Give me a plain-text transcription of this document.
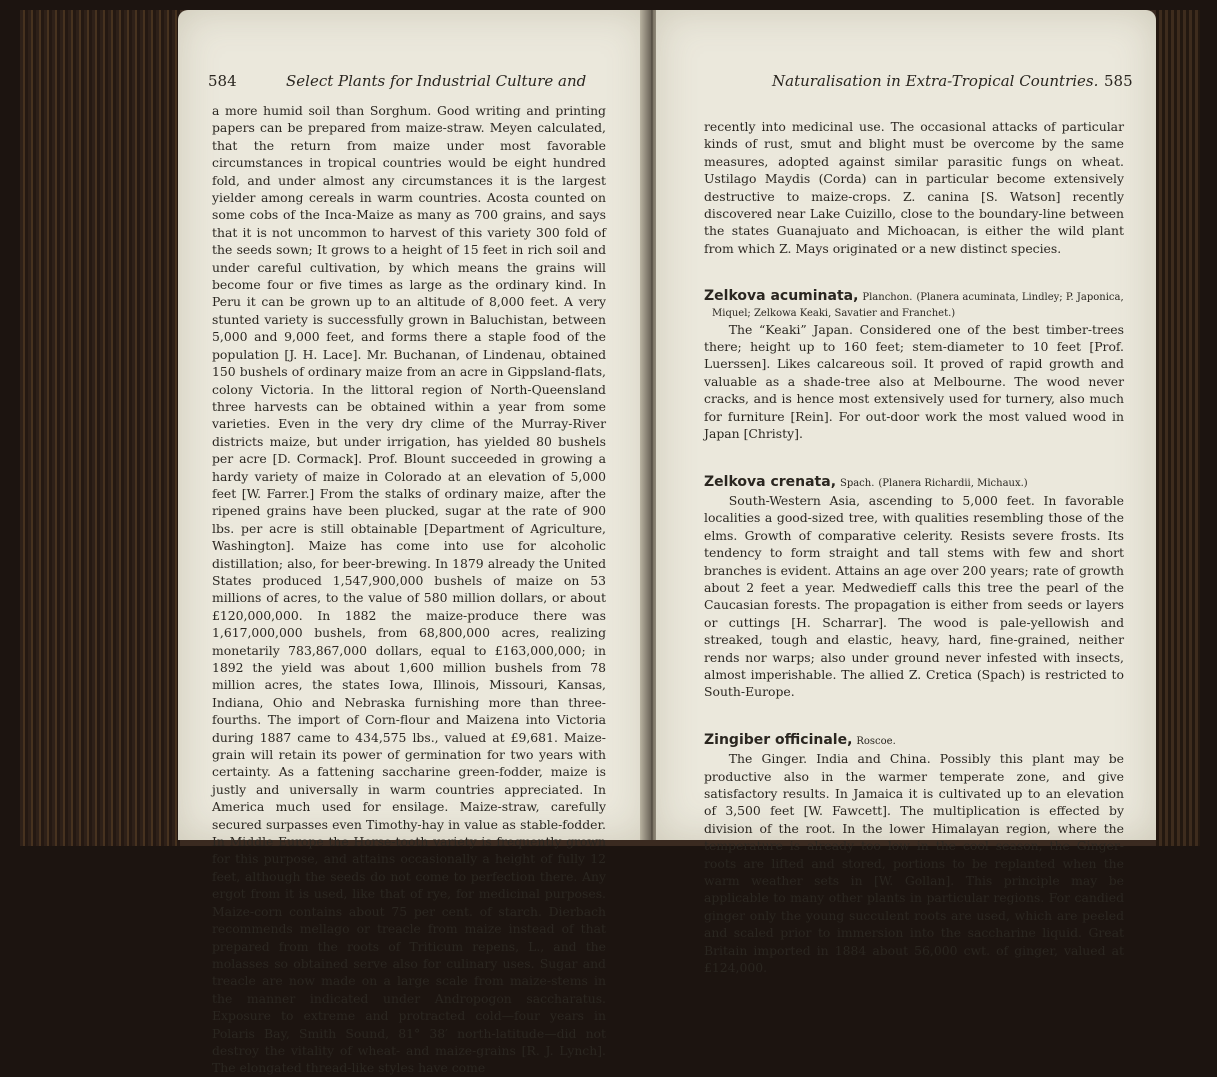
584	Select Plants for Industrial Culture and

a more humid soil than Sorghum. Good writing and printing papers can be prepared from maize-straw. Meyen calculated, that the return from maize under most favorable circumstances in tropical countries would be eight hundred fold, and under almost any circumstances it is the largest yielder among cereals in warm countries. Acosta counted on some cobs of the Inca-Maize as many as 700 grains, and says that it is not uncommon to harvest of this variety 300 fold of the seeds sown; It grows to a height of 15 feet in rich soil and under careful cultivation, by which means the grains will become four or five times as large as the ordinary kind. In Peru it can be grown up to an altitude of 8,000 feet. A very stunted variety is successfully grown in Baluchistan, between 5,000 and 9,000 feet, and forms there a staple food of the population [J. H. Lace]. Mr. Buchanan, of Lindenau, obtained 150 bushels of ordinary maize from an acre in Gippsland-flats, colony Victoria. In the littoral region of North-Queensland three harvests can be obtained within a year from some varieties. Even in the very dry clime of the Murray-River districts maize, but under irrigation, has yielded 80 bushels per acre [D. Cormack]. Prof. Blount succeeded in growing a hardy variety of maize in Colorado at an elevation of 5,000 feet [W. Farrer.] From the stalks of ordinary maize, after the ripened grains have been plucked, sugar at the rate of 900 lbs. per acre is still obtainable [Department of Agriculture, Washington]. Maize has come into use for alcoholic distillation; also, for beer-brewing. In 1879 already the United States produced 1,547,900,000 bushels of maize on 53 millions of acres, to the value of 580 million dollars, or about £120,000,000. In 1882 the maize-produce there was 1,617,000,000 bushels, from 68,800,000 acres, realizing monetarily 783,867,000 dollars, equal to £163,000,000; in 1892 the yield was about 1,600 million bushels from 78 million acres, the states Iowa, Illinois, Missouri, Kansas, Indiana, Ohio and Nebraska furnishing more than three-fourths. The import of Corn-flour and Maizena into Victoria during 1887 came to 434,575 lbs., valued at £9,681. Maize-grain will retain its power of germination for two years with certainty. As a fattening saccharine green-fodder, maize is justly and universally in warm countries appreciated. In America much used for ensilage. Maize-straw, carefully secured surpasses even Timothy-hay in value as stable-fodder. In Middle Europe the Horse-tooth variety is frequently grown for this purpose, and attains occasionally a height of fully 12 feet, although the seeds do not come to perfection there. Any ergot from it is used, like that of rye, for medicinal purposes. Maize-corn contains about 75 per cent. of starch. Dierbach recommends mellago or treacle from maize instead of that prepared from the roots of Triticum repens, L., and the molasses so obtained serve also for culinary uses. Sugar and treacle are now made on a large scale from maize-stems in the manner indicated under Andropogon saccharatus. Exposure to extreme and protracted cold—four years in Polaris Bay, Smith Sound, 81° 38′ north-latitude—did not destroy the vitality of wheat- and maize-grains [R. J. Lynch]. The elongated thread-like styles have come

Naturalisation in Extra-Tropical Countries. 585

recently into medicinal use. The occasional attacks of particular kinds of rust, smut and blight must be overcome by the same measures, adopted against similar parasitic fungs on wheat. Ustilago Maydis (Corda) can in particular become extensively destructive to maize-crops. Z. canina [S. Watson] recently discovered near Lake Cuizillo, close to the boundary-line between the states Guanajuato and Michoacan, is either the wild plant from which Z. Mays originated or a new distinct species.

Zelkova acuminata, Planchon. (Planera acuminata, Lindley; P. Japonica,

Miquel; Zelkowa Keaki, Savatier and Franchet.)

The “Keaki” Japan. Considered one of the best timber-trees there; height up to 160 feet; stem-diameter to 10 feet [Prof. Luerssen]. Likes calcareous soil. It proved of rapid growth and valuable as a shade-tree also at Melbourne. The wood never cracks, and is hence most extensively used for turnery, also much for furniture [Rein]. For out-door work the most valued wood in Japan [Christy].

Zelkova crenata, Spach. (Planera Richardii, Michaux.)

South-Western Asia, ascending to 5,000 feet. In favorable localities a good-sized tree, with qualities resembling those of the elms. Growth of comparative celerity. Resists severe frosts. Its tendency to form straight and tall stems with few and short branches is evident. Attains an age over 200 years; rate of growth about 2 feet a year. Medwedieff calls this tree the pearl of the Caucasian forests. The propagation is either from seeds or layers or cuttings [H. Scharrar]. The wood is pale-yellowish and streaked, tough and elastic, heavy, hard, fine-grained, neither rends nor warps; also under ground never infested with insects, almost imperishable. The allied Z. Cretica (Spach) is restricted to South-Europe.

Zingiber officinale, Roscoe.

The Ginger. India and China. Possibly this plant may be productive also in the warmer temperate zone, and give satisfactory results. In Jamaica it is cultivated up to an elevation of 3,500 feet [W. Fawcett]. The multiplication is effected by division of the root. In the lower Himalayan region, where the temperature is already too low in the cool season, the Ginger-roots are lifted and stored, portions to be replanted when the warm weather sets in [W. Gollan]. This principle may be applicable to many other plants in particular regions. For candied ginger only the young succulent roots are used, which are peeled and scaled prior to immersion into the saccharine liquid. Great Britain imported in 1884 about 56,000 cwt. of ginger, valued at £124,000.
